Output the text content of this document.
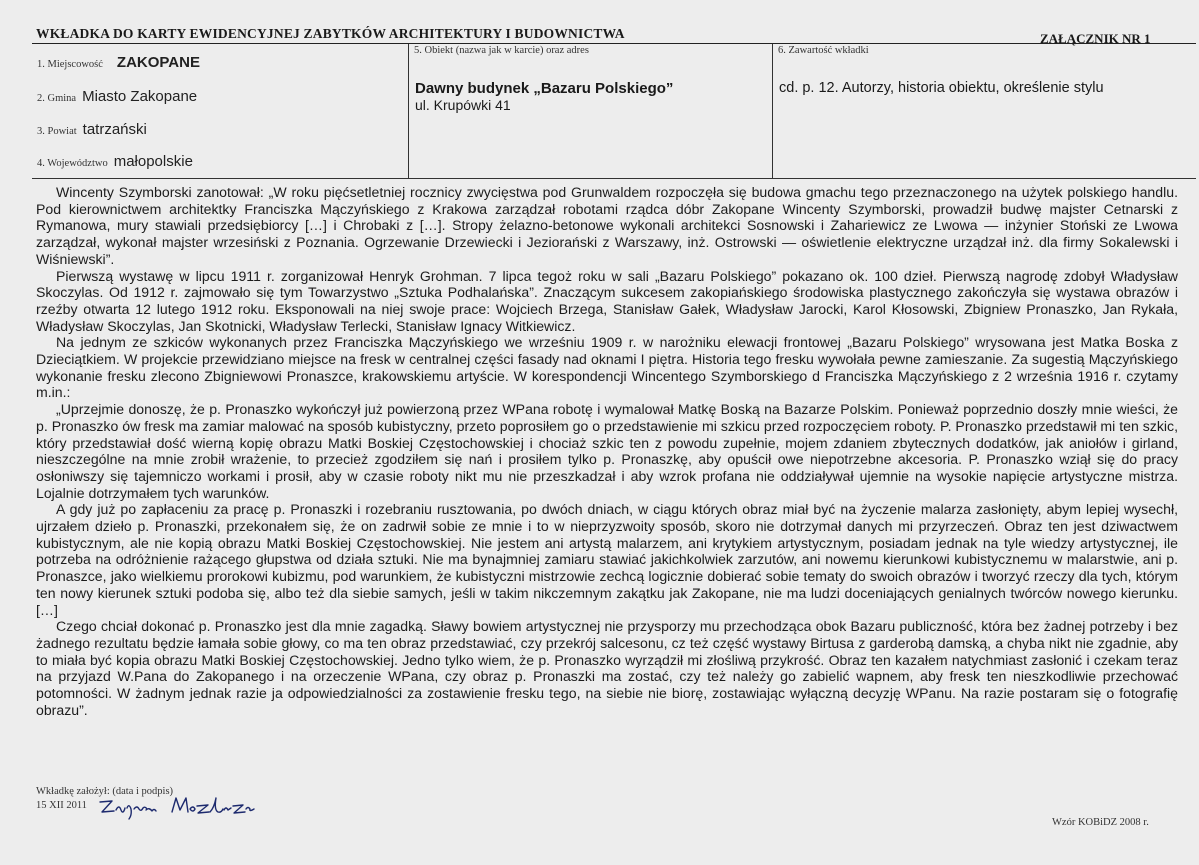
WKŁADKA DO KARTY EWIDENCYJNEJ ZABYTKÓW ARCHITEKTURY I BUDOWNICTWA	ZAŁĄCZNIK NR 1
1. Miejscowość ZAKOPANE
2. Gmina Miasto Zakopane
3. Powiat tatrzański
4. Województwo małopolskie
5. Obiekt (nazwa jak w karcie) oraz adres
Dawny budynek „Bazaru Polskiego”
ul. Krupówki 41
6. Zawartość wkładki
cd. p. 12. Autorzy, historia obiektu, określenie stylu

Wincenty Szymborski zanotował: „W roku pięćsetletniej rocznicy zwycięstwa pod Grunwaldem rozpoczęła się budowa gmachu tego przeznaczonego na użytek polskiego handlu. Pod kierownictwem architektky Franciszka Mączyńskiego z Krakowa zarządzał robotami rządca dóbr Zakopane Wincenty Szymborski, prowadził budwę majster Cetnarski z Rymanowa, mury stawiali przedsiębiorcy […] i Chrobaki z […]. Stropy żelazno-betonowe wykonali architekci Sosnowski i Zahariewicz ze Lwowa — inżynier Stoński ze Lwowa zarządzał, wykonał majster wrzesiński z Poznania. Ogrzewanie Drzewiecki i Jeziorański z Warszawy, inż. Ostrowski — oświetlenie elektryczne urządzał inż. dla firmy Sokalewski i Wiśniewski”.

Pierwszą wystawę w lipcu 1911 r. zorganizował Henryk Grohman. 7 lipca tegoż roku w sali „Bazaru Polskiego” pokazano ok. 100 dzieł. Pierwszą nagrodę zdobył Władysław Skoczylas. Od 1912 r. zajmowało się tym Towarzystwo „Sztuka Podhalańska”. Znaczącym sukcesem zakopiańskiego środowiska plastycznego zakończyła się wystawa obrazów i rzeźby otwarta 12 lutego 1912 roku. Eksponowali na niej swoje prace: Wojciech Brzega, Stanisław Gałek, Władysław Jarocki, Karol Kłosowski, Zbigniew Pronaszko, Jan Rykała, Władysław Skoczylas, Jan Skotnicki, Władysław Terlecki, Stanisław Ignacy Witkiewicz.

Na jednym ze szkiców wykonanych przez Franciszka Mączyńskiego we wrześniu 1909 r. w narożniku elewacji frontowej „Bazaru Polskiego” wrysowana jest Matka Boska z Dzieciątkiem. W projekcie przewidziano miejsce na fresk w centralnej części fasady nad oknami I piętra. Historia tego fresku wywołała pewne zamieszanie. Za sugestią Mączyńskiego wykonanie fresku zlecono Zbigniewowi Pronaszce, krakowskiemu artyście. W korespondencji Wincentego Szymborskiego d Franciszka Mączyńskiego z 2 września 1916 r. czytamy m.in.:

„Uprzejmie donoszę, że p. Pronaszko wykończył już powierzoną przez WPana robotę i wymalował Matkę Boską na Bazarze Polskim. Ponieważ poprzednio doszły mnie wieści, że p. Pronaszko ów fresk ma zamiar malować na sposób kubistyczny, przeto poprosiłem go o przedstawienie mi szkicu przed rozpoczęciem roboty. P. Pronaszko przedstawił mi ten szkic, który przedstawiał dość wierną kopię obrazu Matki Boskiej Częstochowskiej i chociaż szkic ten z powodu zupełnie, mojem zdaniem zbytecznych dodatków, jak aniołów i girland, nieszczególne na mnie zrobił wrażenie, to przecież zgodziłem się nań i prosiłem tylko p. Pronaszkę, aby opuścił owe niepotrzebne akcesoria. P. Pronaszko wziął się do pracy osłoniwszy się tajemniczo workami i prosił, aby w czasie roboty nikt mu nie przeszkadzał i aby wzrok profana nie oddziaływał ujemnie na wysokie napięcie artystyczne mistrza. Lojalnie dotrzymałem tych warunków.

A gdy już po zapłaceniu za pracę p. Pronaszki i rozebraniu rusztowania, po dwóch dniach, w ciągu których obraz miał być na życzenie malarza zasłonięty, abym lepiej wysechł, ujrzałem dzieło p. Pronaszki, przekonałem się, że on zadrwił sobie ze mnie i to w nieprzyzwoity sposób, skoro nie dotrzymał danych mi przyrzeczeń. Obraz ten jest dziwactwem kubistycznym, ale nie kopią obrazu Matki Boskiej Częstochowskiej. Nie jestem ani artystą malarzem, ani krytykiem artystycznym, posiadam jednak na tyle wiedzy artystycznej, ile potrzeba na odróżnienie rażącego głupstwa od działa sztuki. Nie ma bynajmniej zamiaru stawiać jakichkolwiek zarzutów, ani nowemu kierunkowi kubistycznemu w malarstwie, ani p. Pronaszce, jako wielkiemu prorokowi kubizmu, pod warunkiem, że kubistyczni mistrzowie zechcą logicznie dobierać sobie tematy do swoich obrazów i tworzyć rzeczy dla tych, którym ten nowy kierunek sztuki podoba się, albo też dla siebie samych, jeśli w takim nikczemnym zakątku jak Zakopane, nie ma ludzi doceniających genialnych twórców nowego kierunku. […]

Czego chciał dokonać p. Pronaszko jest dla mnie zagadką. Sławy bowiem artystycznej nie przysporzy mu przechodząca obok Bazaru publiczność, która bez żadnej potrzeby i bez żadnego rezultatu będzie łamała sobie głowy, co ma ten obraz przedstawiać, czy przekrój salcesonu, cz też część wystawy Birtusa z garderobą damską, a chyba nikt nie zgadnie, aby to miała być kopia obrazu Matki Boskiej Częstochowskiej. Jedno tylko wiem, że p. Pronaszko wyrządził mi złośliwą przykrość. Obraz ten kazałem natychmiast zasłonić i czekam teraz na przyjazd W.Pana do Zakopanego i na orzeczenie WPana, czy obraz p. Pronaszki ma zostać, czy też należy go zabielić wapnem, aby fresk ten nieszkodliwie przechować potomności. W żadnym jednak razie ja odpowiedzialności za zostawienie fresku tego, na siebie nie biorę, zostawiając wyłączną decyzję WPanu. Na razie postaram się o fotografię obrazu”.

Wkładkę założył: (data i podpis)
15 XII 2011
Wzór KOBiDZ 2008 r.
